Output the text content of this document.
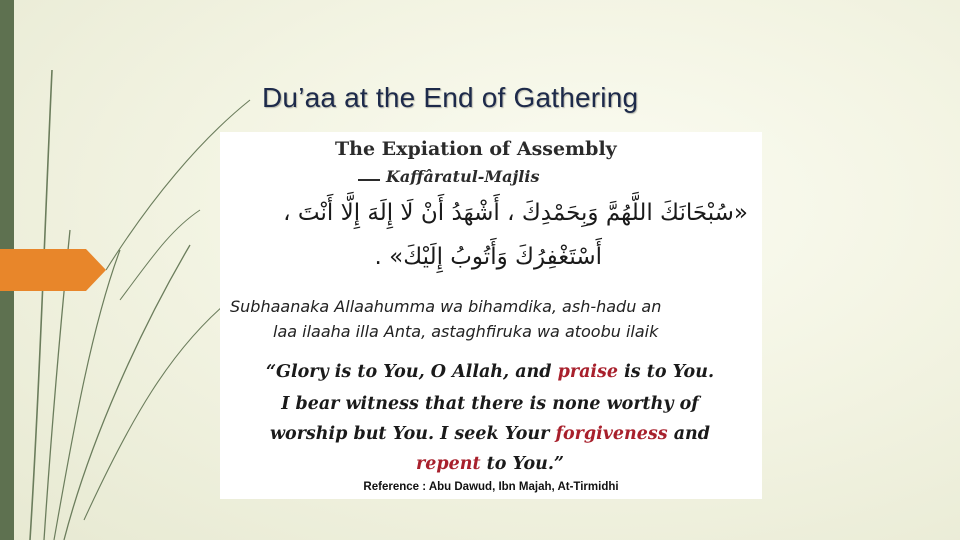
Du’aa at the End of Gathering
The Expiation of Assembly
Kaffâratul-Majlis
«سُبْحَانَكَ اللَّهُمَّ وَبِحَمْدِكَ ، أَشْهَدُ أَنْ لَا إِلَهَ إِلَّا أَنْتَ ،
أَسْتَغْفِرُكَ وَأَتُوبُ إِلَيْكَ» .
Subhaanaka Allaahumma wa bihamdika, ash-hadu an
laa ilaaha illa Anta, astaghfiruka wa atoobu ilaik
“Glory is to You, O Allah, and praise is to You.
I bear witness that there is none worthy of
worship but You. I seek Your forgiveness and
repent to You.”
Reference : Abu Dawud, Ibn Majah, At-Tirmidhi
